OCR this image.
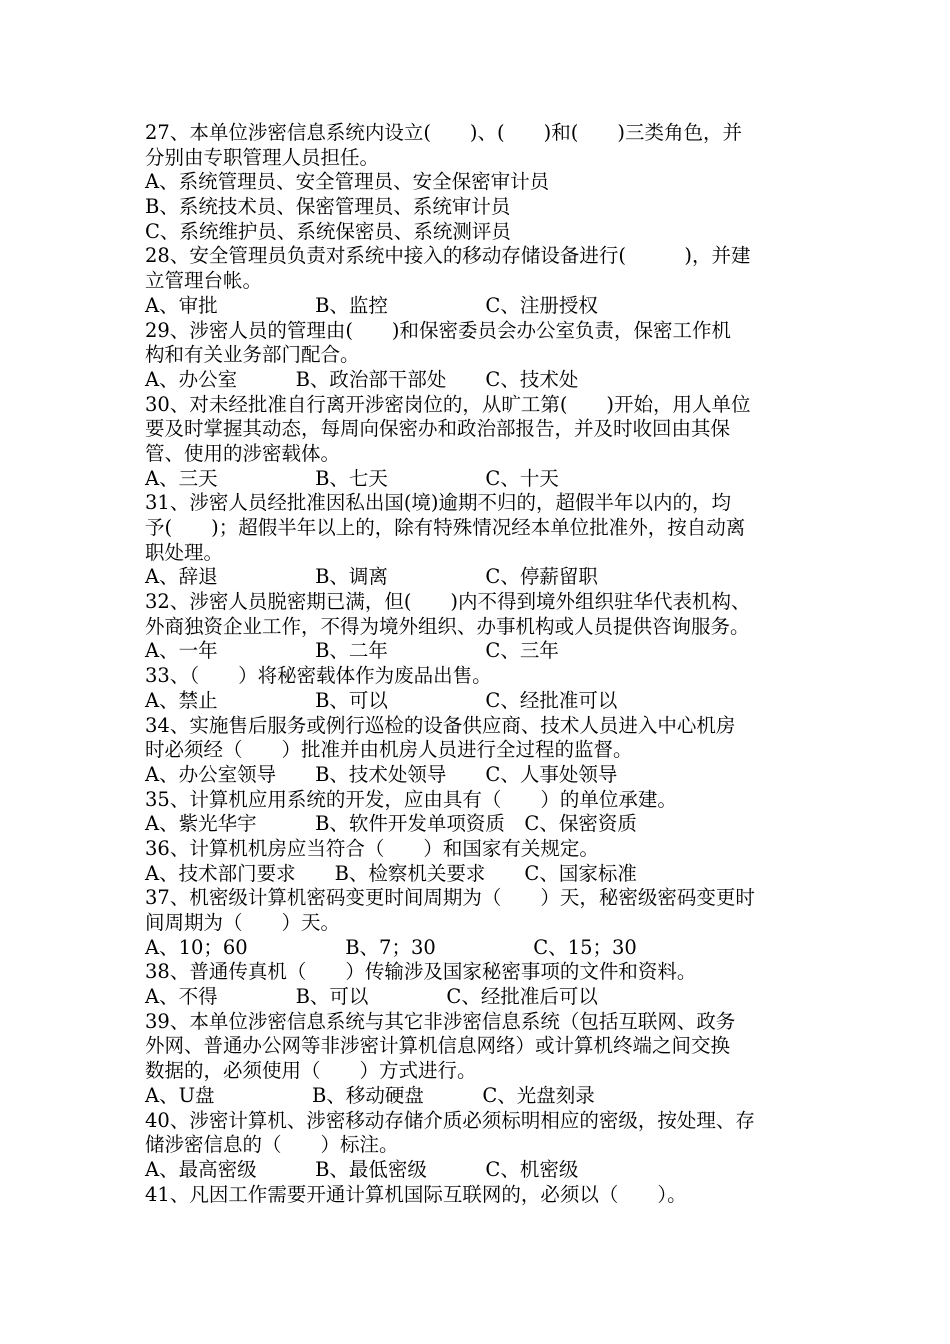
27、本单位涉密信息系统内设立(　　)、(　　)和(　　)三类角色，并
分别由专职管理人员担任。
A、系统管理员、安全管理员、安全保密审计员
B、系统技术员、保密管理员、系统审计员
C、系统维护员、系统保密员、系统测评员
28、安全管理员负责对系统中接入的移动存储设备进行(　　　)，并建
立管理台帐。
A、审批　　　　　B、监控　　　　　C、注册授权
29、涉密人员的管理由(　　)和保密委员会办公室负责，保密工作机
构和有关业务部门配合。
A、办公室　　　B、政治部干部处　　C、技术处
30、对未经批准自行离开涉密岗位的，从旷工第(　　)开始，用人单位
要及时掌握其动态，每周向保密办和政治部报告，并及时收回由其保
管、使用的涉密载体。
A、三天　　　　　B、七天　　　　　C、十天
31、涉密人员经批准因私出国(境)逾期不归的，超假半年以内的，均
予(　　)；超假半年以上的，除有特殊情况经本单位批准外，按自动离
职处理。
A、辞退　　　　　B、调离　　　　　C、停薪留职
32、涉密人员脱密期已满，但(　　)内不得到境外组织驻华代表机构、
外商独资企业工作，不得为境外组织、办事机构或人员提供咨询服务。
A、一年　　　　　B、二年　　　　　C、三年
33、（　　）将秘密载体作为废品出售。
A、禁止　　　　　B、可以　　　　　C、经批准可以
34、实施售后服务或例行巡检的设备供应商、技术人员进入中心机房
时必须经（　　）批准并由机房人员进行全过程的监督。
A、办公室领导　　B、技术处领导　　C、人事处领导
35、计算机应用系统的开发，应由具有（　　）的单位承建。
A、紫光华宇　　　B、软件开发单项资质　C、保密资质
36、计算机机房应当符合（　　）和国家有关规定。
A、技术部门要求　　B、检察机关要求　　C、国家标准
37、机密级计算机密码变更时间周期为（　　）天，秘密级密码变更时
间周期为（　　）天。
A、10；60　　　　　B、7；30　　　　　C、15；30
38、普通传真机（　　）传输涉及国家秘密事项的文件和资料。
A、不得　　　　B、可以　　　　C、经批准后可以
39、本单位涉密信息系统与其它非涉密信息系统（包括互联网、政务
外网、普通办公网等非涉密计算机信息网络）或计算机终端之间交换
数据的，必须使用（　　）方式进行。
A、U盘　　　　　B、移动硬盘　　　C、光盘刻录
40、涉密计算机、涉密移动存储介质必须标明相应的密级，按处理、存
储涉密信息的（　　）标注。
A、最高密级　　　B、最低密级　　　C、机密级
41、凡因工作需要开通计算机国际互联网的，必须以（　　）。
